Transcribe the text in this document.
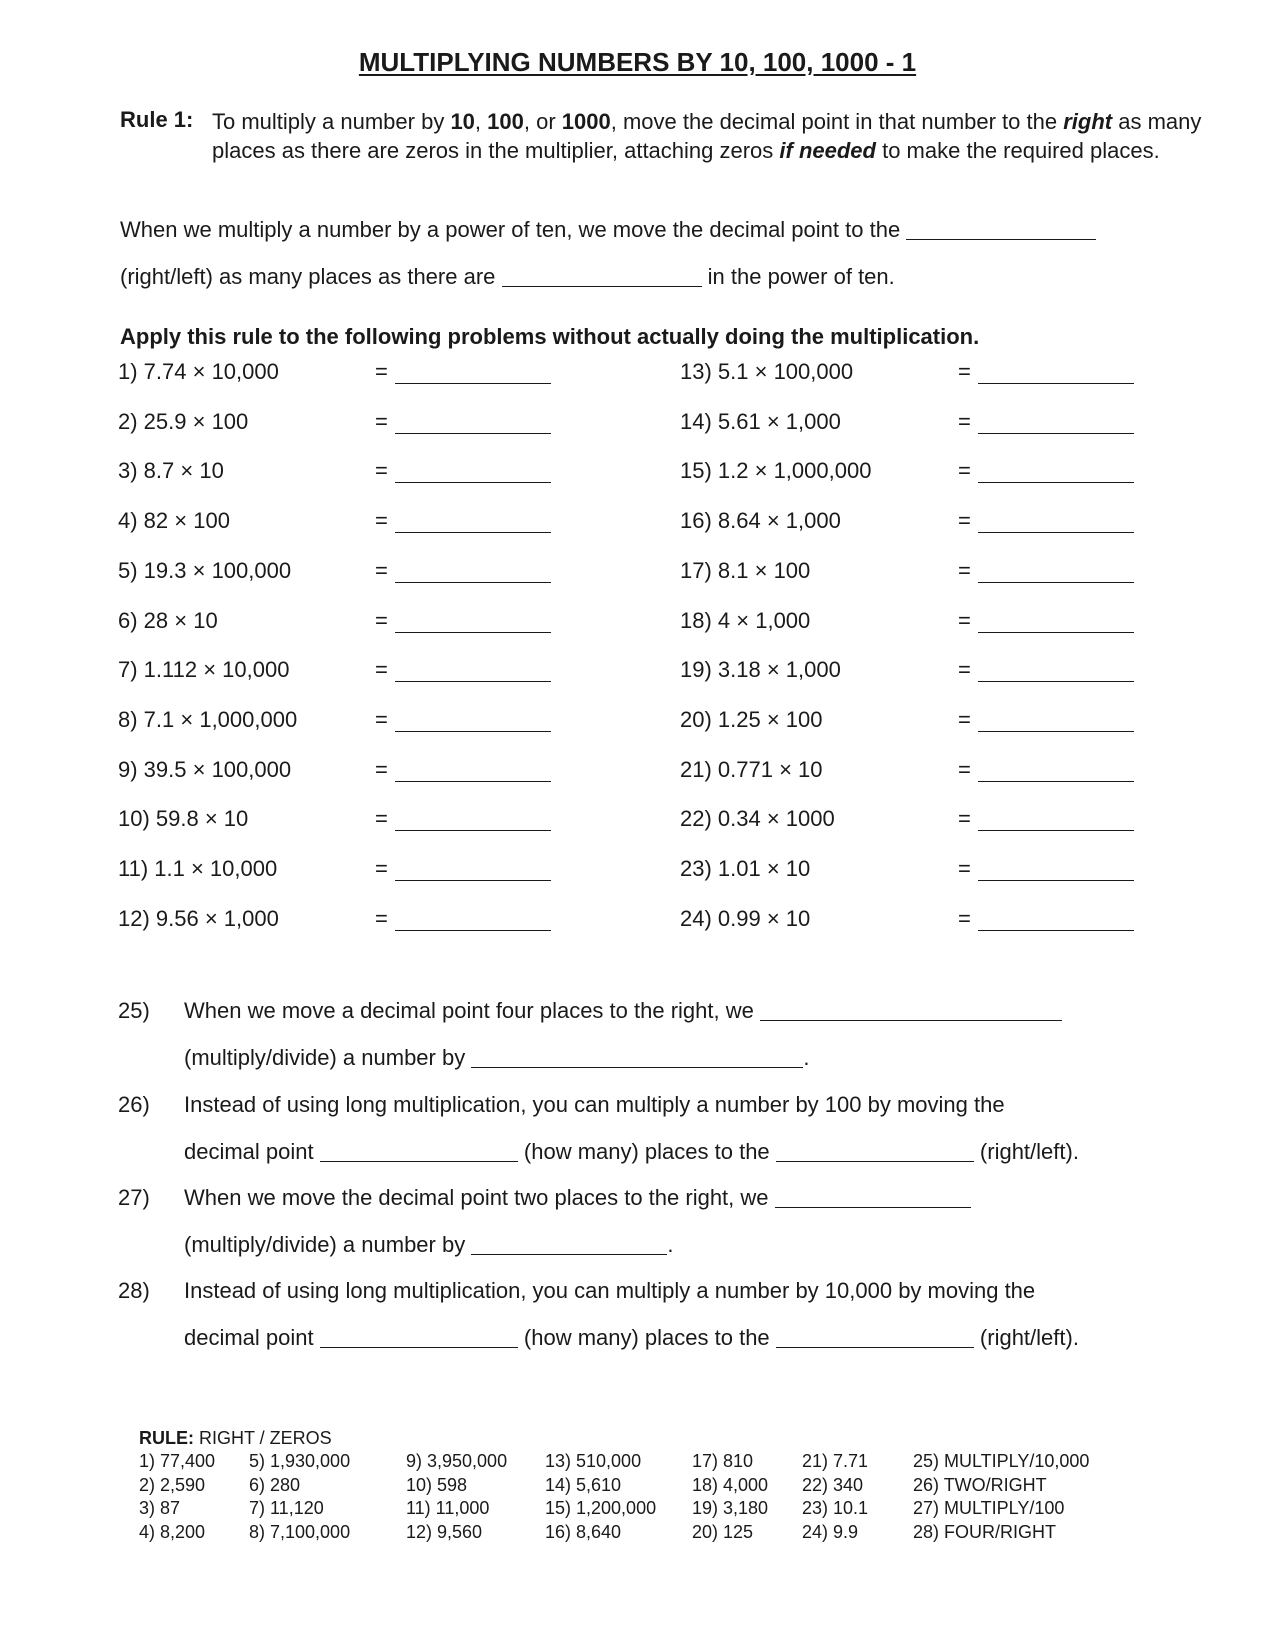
MULTIPLYING NUMBERS BY 10, 100, 1000 - 1
Rule 1: To multiply a number by 10, 100, or 1000, move the decimal point in that number to the right as many places as there are zeros in the multiplier, attaching zeros if needed to make the required places.
When we multiply a number by a power of ten, we move the decimal point to the
(right/left) as many places as there are	in the power of ten.
Apply this rule to the following problems without actually doing the multiplication.
1) 7.74 × 10,000	=
2) 25.9 × 100	=
3) 8.7 × 10	=
4) 82 × 100	=
5) 19.3 × 100,000	=
6) 28 × 10	=
7) 1.112 × 10,000	=
8) 7.1 × 1,000,000	=
9) 39.5 × 100,000	=
10) 59.8 × 10	=
11) 1.1 × 10,000	=
12) 9.56 × 1,000	=
13) 5.1 × 100,000	=
14) 5.61 × 1,000	=
15) 1.2 × 1,000,000	=
16) 8.64 × 1,000	=
17) 8.1 × 100	=
18) 4 × 1,000	=
19) 3.18 × 1,000	=
20) 1.25 × 100	=
21) 0.771 × 10	=
22) 0.34 × 1000	=
23) 1.01 × 10	=
24) 0.99 × 10	=
25) When we move a decimal point four places to the right, we
(multiply/divide) a number by	.
26) Instead of using long multiplication, you can multiply a number by 100 by moving the
decimal point	(how many) places to the	(right/left).
27) When we move the decimal point two places to the right, we
(multiply/divide) a number by	.
28) Instead of using long multiplication, you can multiply a number by 10,000 by moving the
decimal point	(how many) places to the	(right/left).
RULE: RIGHT / ZEROS
1) 77,400
2) 2,590
3) 87
4) 8,200
5) 1,930,000
6) 280
7) 11,120
8) 7,100,000
9) 3,950,000
10) 598
11) 11,000
12) 9,560
13) 510,000
14) 5,610
15) 1,200,000
16) 8,640
17) 810
18) 4,000
19) 3,180
20) 125
21) 7.71
22) 340
23) 10.1
24) 9.9
25) MULTIPLY/10,000
26) TWO/RIGHT
27) MULTIPLY/100
28) FOUR/RIGHT
